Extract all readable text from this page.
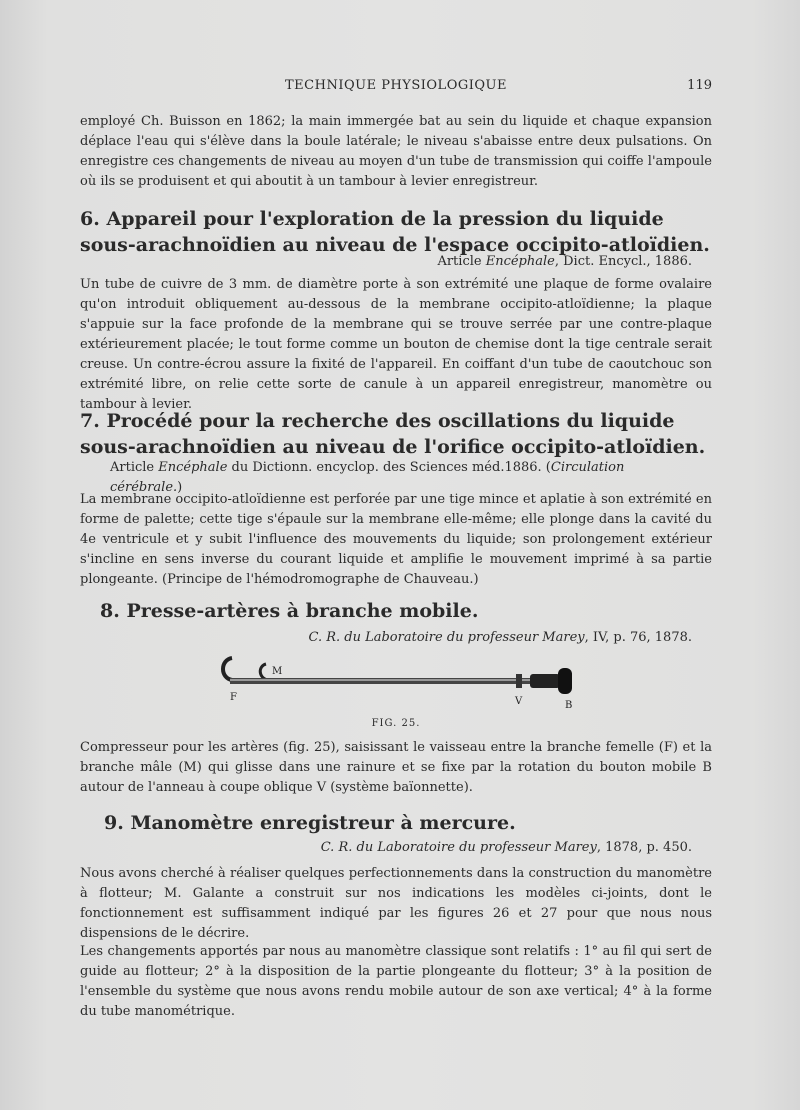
TECHNIQUE PHYSIOLOGIQUE	119

employé Ch. Buisson en 1862; la main immergée bat au sein du liquide et chaque expansion déplace l'eau qui s'élève dans la boule latérale; le niveau s'abaisse entre deux pulsations. On enregistre ces changements de niveau au moyen d'un tube de transmission qui coiffe l'ampoule où ils se produisent et qui aboutit à un tambour à levier enregistreur.

6. Appareil pour l'exploration de la pression du liquide sous-arachnoïdien au niveau de l'espace occipito-atloïdien.

Article Encéphale, Dict. Encycl., 1886.

Un tube de cuivre de 3 mm. de diamètre porte à son extrémité une plaque de forme ovalaire qu'on introduit obliquement au-dessous de la membrane occipito-atloïdienne; la plaque s'appuie sur la face profonde de la membrane qui se trouve serrée par une contre-plaque extérieurement placée; le tout forme comme un bouton de chemise dont la tige centrale serait creuse. Un contre-écrou assure la fixité de l'appareil. En coiffant d'un tube de caoutchouc son extrémité libre, on relie cette sorte de canule à un appareil enregistreur, manomètre ou tambour à levier.

7. Procédé pour la recherche des oscillations du liquide sous-arachnoïdien au niveau de l'orifice occipito-atloïdien.

Article Encéphale du Dictionn. encyclop. des Sciences méd.1886. (Circulation cérébrale.)

La membrane occipito-atloïdienne est perforée par une tige mince et aplatie à son extrémité en forme de palette; cette tige s'épaule sur la membrane elle-même; elle plonge dans la cavité du 4e ventricule et y subit l'influence des mouvements du liquide; son prolongement extérieur s'incline en sens inverse du courant liquide et amplifie le mouvement imprimé à sa partie plongeante. (Principe de l'hémodromographe de Chauveau.)

8. Presse-artères à branche mobile.

C. R. du Laboratoire du professeur Marey, IV, p. 76, 1878.

M
F	V	B
FIG. 25.

Compresseur pour les artères (fig. 25), saisissant le vaisseau entre la branche femelle (F) et la branche mâle (M) qui glisse dans une rainure et se fixe par la rotation du bouton mobile B autour de l'anneau à coupe oblique V (système baïonnette).

9. Manomètre enregistreur à mercure.

C. R. du Laboratoire du professeur Marey, 1878, p. 450.

Nous avons cherché à réaliser quelques perfectionnements dans la construction du manomètre à flotteur; M. Galante a construit sur nos indications les modèles ci-joints, dont le fonctionnement est suffisamment indiqué par les figures 26 et 27 pour que nous nous dispensions de le décrire.

Les changements apportés par nous au manomètre classique sont relatifs : 1° au fil qui sert de guide au flotteur; 2° à la disposition de la partie plongeante du flotteur; 3° à la position de l'ensemble du système que nous avons rendu mobile autour de son axe vertical; 4° à la forme du tube manométrique.
